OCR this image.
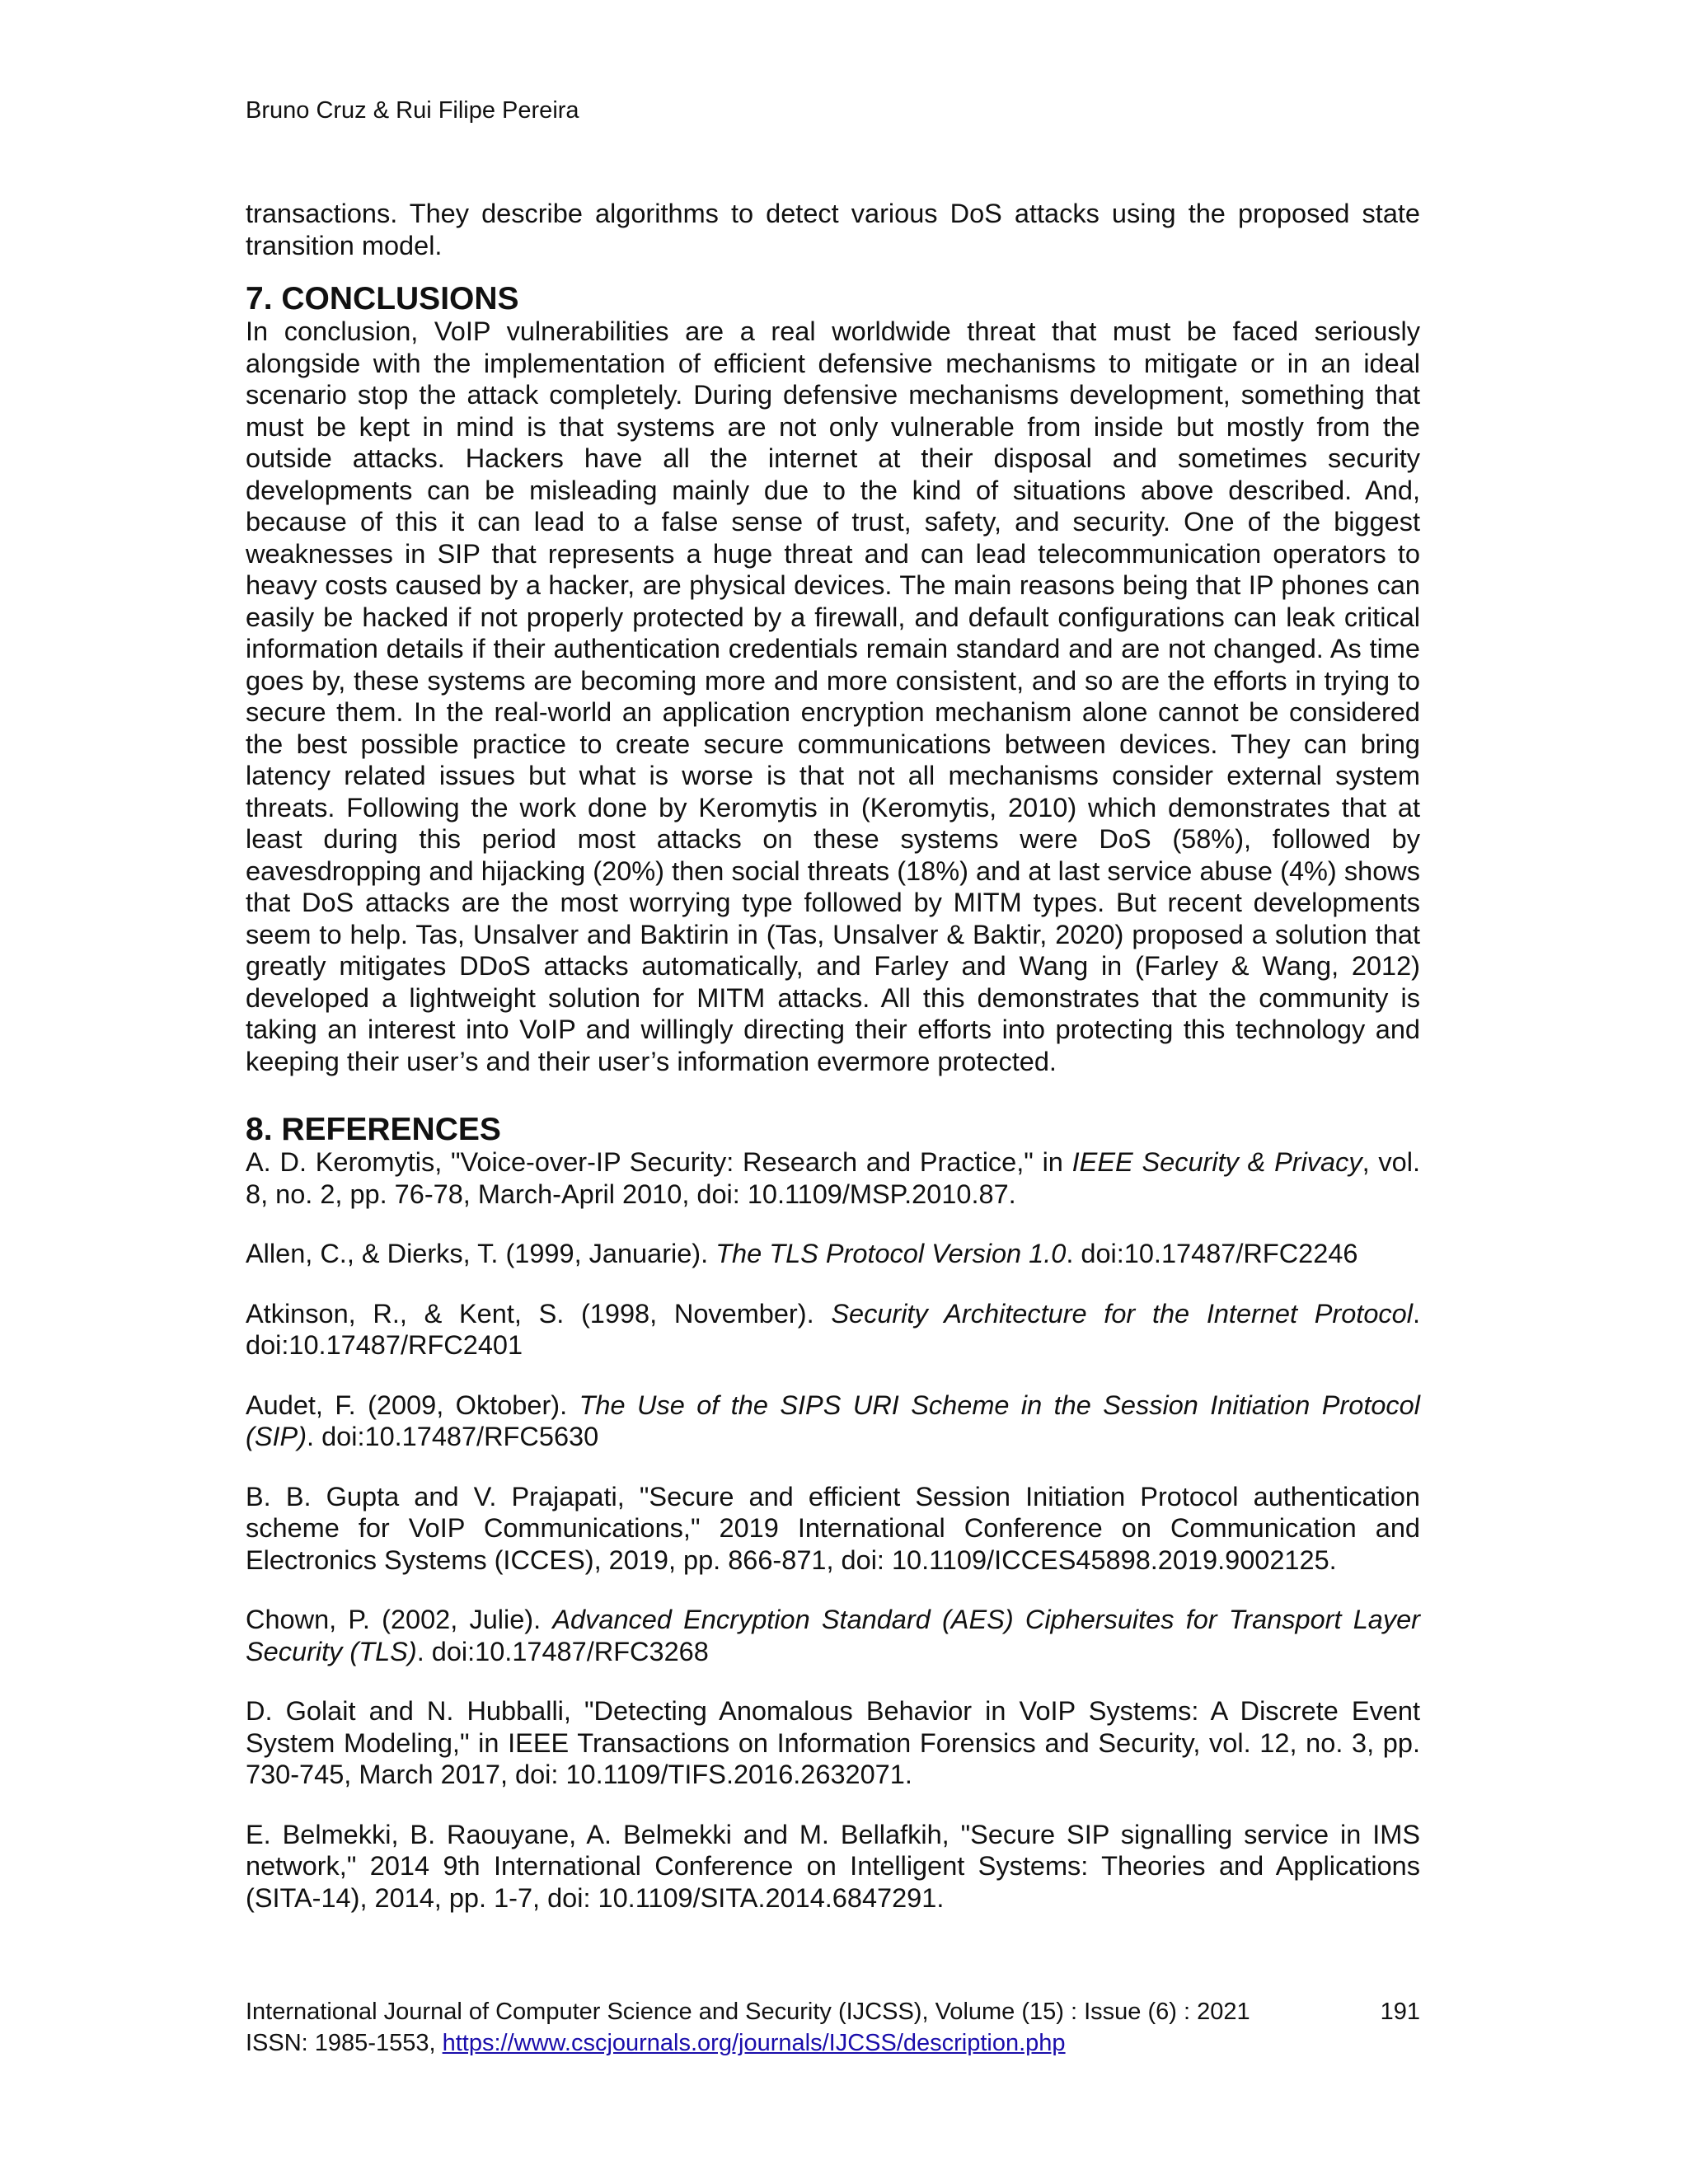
Bruno Cruz & Rui Filipe Pereira

transactions. They describe algorithms to detect various DoS attacks using the proposed state transition model.

7. CONCLUSIONS

In conclusion, VoIP vulnerabilities are a real worldwide threat that must be faced seriously alongside with the implementation of efficient defensive mechanisms to mitigate or in an ideal scenario stop the attack completely. During defensive mechanisms development, something that must be kept in mind is that systems are not only vulnerable from inside but mostly from the outside attacks. Hackers have all the internet at their disposal and sometimes security developments can be misleading mainly due to the kind of situations above described. And, because of this it can lead to a false sense of trust, safety, and security. One of the biggest weaknesses in SIP that represents a huge threat and can lead telecommunication operators to heavy costs caused by a hacker, are physical devices. The main reasons being that IP phones can easily be hacked if not properly protected by a firewall, and default configurations can leak critical information details if their authentication credentials remain standard and are not changed. As time goes by, these systems are becoming more and more consistent, and so are the efforts in trying to secure them. In the real-world an application encryption mechanism alone cannot be considered the best possible practice to create secure communications between devices. They can bring latency related issues but what is worse is that not all mechanisms consider external system threats. Following the work done by Keromytis in (Keromytis, 2010) which demonstrates that at least during this period most attacks on these systems were DoS (58%), followed by eavesdropping and hijacking (20%) then social threats (18%) and at last service abuse (4%) shows that DoS attacks are the most worrying type followed by MITM types. But recent developments seem to help. Tas, Unsalver and Baktirin in (Tas, Unsalver & Baktir, 2020) proposed a solution that greatly mitigates DDoS attacks automatically, and Farley and Wang in (Farley & Wang, 2012) developed a lightweight solution for MITM attacks. All this demonstrates that the community is taking an interest into VoIP and willingly directing their efforts into protecting this technology and keeping their user’s and their user’s information evermore protected.

8. REFERENCES

A. D. Keromytis, "Voice-over-IP Security: Research and Practice," in IEEE Security & Privacy, vol. 8, no. 2, pp. 76-78, March-April 2010, doi: 10.1109/MSP.2010.87.

Allen, C., & Dierks, T. (1999, Januarie). The TLS Protocol Version 1.0. doi:10.17487/RFC2246

Atkinson, R., & Kent, S. (1998, November). Security Architecture for the Internet Protocol. doi:10.17487/RFC2401

Audet, F. (2009, Oktober). The Use of the SIPS URI Scheme in the Session Initiation Protocol (SIP). doi:10.17487/RFC5630

B. B. Gupta and V. Prajapati, "Secure and efficient Session Initiation Protocol authentication scheme for VoIP Communications," 2019 International Conference on Communication and Electronics Systems (ICCES), 2019, pp. 866-871, doi: 10.1109/ICCES45898.2019.9002125.

Chown, P. (2002, Julie). Advanced Encryption Standard (AES) Ciphersuites for Transport Layer Security (TLS). doi:10.17487/RFC3268

D. Golait and N. Hubballi, "Detecting Anomalous Behavior in VoIP Systems: A Discrete Event System Modeling," in IEEE Transactions on Information Forensics and Security, vol. 12, no. 3, pp. 730-745, March 2017, doi: 10.1109/TIFS.2016.2632071.

E. Belmekki, B. Raouyane, A. Belmekki and M. Bellafkih, "Secure SIP signalling service in IMS network," 2014 9th International Conference on Intelligent Systems: Theories and Applications (SITA-14), 2014, pp. 1-7, doi: 10.1109/SITA.2014.6847291.

International Journal of Computer Science and Security (IJCSS), Volume (15) : Issue (6) : 2021	191
ISSN: 1985-1553, https://www.cscjournals.org/journals/IJCSS/description.php
